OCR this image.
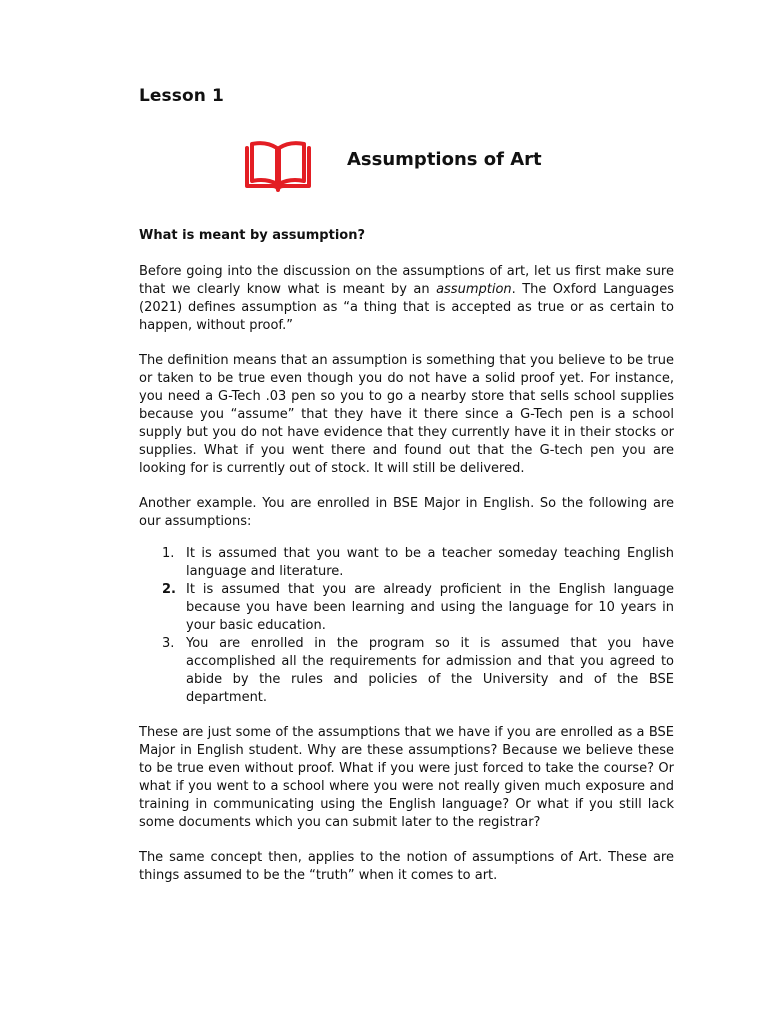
Lesson 1
Assumptions of Art
What is meant by assumption?

Before going into the discussion on the assumptions of art, let us first make sure that we clearly know what is meant by an assumption. The Oxford Languages (2021) defines assumption as “a thing that is accepted as true or as certain to happen, without proof.”

The definition means that an assumption is something that you believe to be true or taken to be true even though you do not have a solid proof yet. For instance, you need a G-Tech .03 pen so you to go a nearby store that sells school supplies because you “assume” that they have it there since a G-Tech pen is a school supply but you do not have evidence that they currently have it in their stocks or supplies. What if you went there and found out that the G-tech pen you are looking for is currently out of stock. It will still be delivered.

Another example. You are enrolled in BSE Major in English. So the following are our assumptions:

1. It is assumed that you want to be a teacher someday teaching English language and literature.
2. It is assumed that you are already proficient in the English language because you have been learning and using the language for 10 years in your basic education.
3. You are enrolled in the program so it is assumed that you have accomplished all the requirements for admission and that you agreed to abide by the rules and policies of the University and of the BSE department.

These are just some of the assumptions that we have if you are enrolled as a BSE Major in English student. Why are these assumptions? Because we believe these to be true even without proof. What if you were just forced to take the course? Or what if you went to a school where you were not really given much exposure and training in communicating using the English language? Or what if you still lack some documents which you can submit later to the registrar?

The same concept then, applies to the notion of assumptions of Art. These are things assumed to be the “truth” when it comes to art.
